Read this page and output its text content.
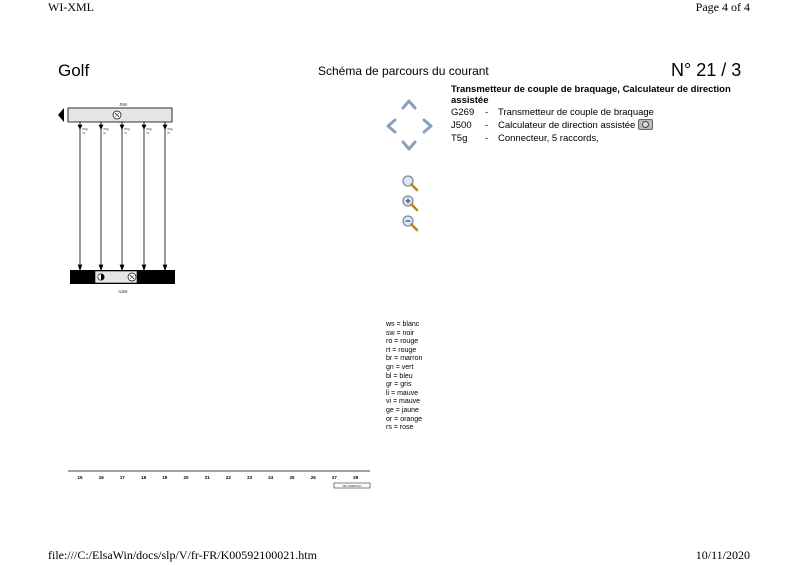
WI-XML	Page 4 of 4
Golf	Schéma de parcours du courant	N° 21 / 3
J500
T5g
/4
T5g
/2
T5g
/3
T5g
/4
T5g
/5
G269
Transmetteur de couple de braquage, Calculateur de direction assistée
G269	-	Transmetteur de couple de braquage
J500	-	Calculateur de direction assistée
T5g	-	Connecteur, 5 raccords,
ws = blanc
sw = noir
ro = rouge
rt = rouge
br = marron
gn = vert
bl = bleu
gr = gris
li = mauve
vi = mauve
ge = jaune
or = orange
rs = rose
15	16	17	18	19	20	21	22	23	24	25	26	27	28
N01-05009/0115
file:///C:/ElsaWin/docs/slp/V/fr-FR/K00592100021.htm	10/11/2020
